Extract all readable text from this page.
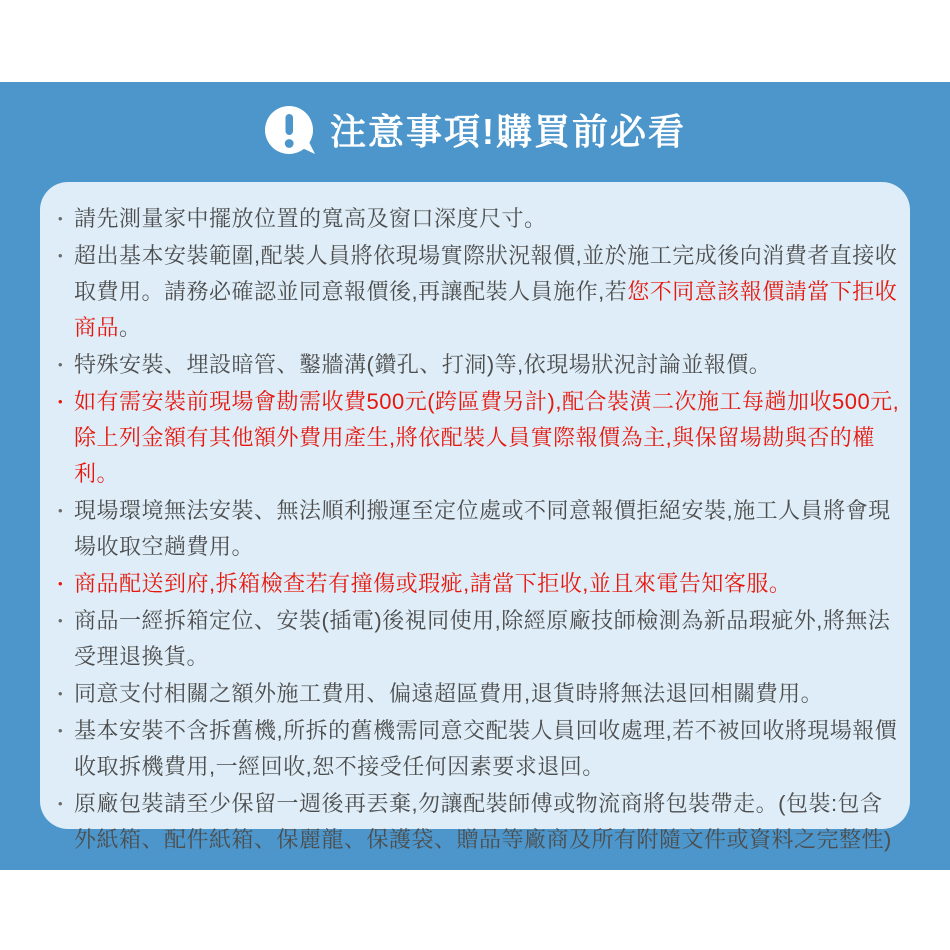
注意事項!購買前必看
• 請先測量家中擺放位置的寬高及窗口深度尺寸。
• 超出基本安裝範圍,配裝人員將依現場實際狀況報價,並於施工完成後向消費者直接收取費用。請務必確認並同意報價後,再讓配裝人員施作,若您不同意該報價請當下拒收商品。
• 特殊安裝、埋設暗管、鑿牆溝(鑽孔、打洞)等,依現場狀況討論並報價。
• 如有需安裝前現場會勘需收費500元(跨區費另計),配合裝潢二次施工每趟加收500元,除上列金額有其他額外費用產生,將依配裝人員實際報價為主,與保留場勘與否的權利。
• 現場環境無法安裝、無法順利搬運至定位處或不同意報價拒絕安裝,施工人員將會現場收取空趟費用。
• 商品配送到府,拆箱檢查若有撞傷或瑕疵,請當下拒收,並且來電告知客服。
• 商品一經拆箱定位、安裝(插電)後視同使用,除經原廠技師檢測為新品瑕疵外,將無法受理退換貨。
• 同意支付相關之額外施工費用、偏遠超區費用,退貨時將無法退回相關費用。
• 基本安裝不含拆舊機,所拆的舊機需同意交配裝人員回收處理,若不被回收將現場報價收取拆機費用,一經回收,恕不接受任何因素要求退回。
• 原廠包裝請至少保留一週後再丟棄,勿讓配裝師傅或物流商將包裝帶走。(包裝:包含外紙箱、配件紙箱、保麗龍、保護袋、贈品等廠商及所有附隨文件或資料之完整性)
